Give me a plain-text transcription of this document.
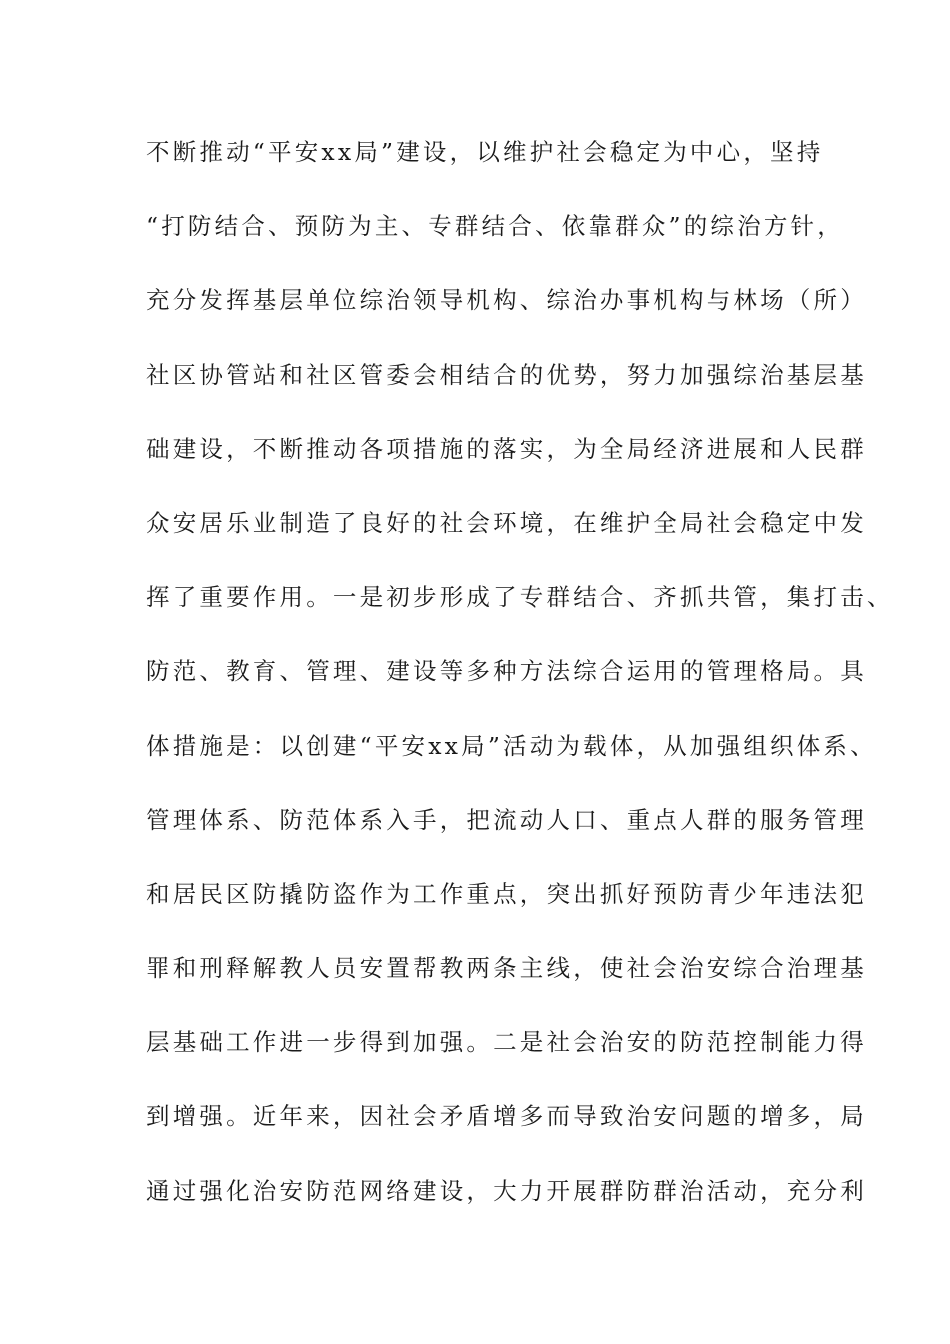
不断推动“平安xx局”建设，以维护社会稳定为中心，坚持
“打防结合、预防为主、专群结合、依靠群众”的综治方针，
充分发挥基层单位综治领导机构、综治办事机构与林场（所）
社区协管站和社区管委会相结合的优势，努力加强综治基层基
础建设，不断推动各项措施的落实，为全局经济进展和人民群
众安居乐业制造了良好的社会环境，在维护全局社会稳定中发
挥了重要作用。一是初步形成了专群结合、齐抓共管，集打击、
防范、教育、管理、建设等多种方法综合运用的管理格局。具
体措施是：以创建“平安xx局”活动为载体，从加强组织体系、
管理体系、防范体系入手，把流动人口、重点人群的服务管理
和居民区防撬防盗作为工作重点，突出抓好预防青少年违法犯
罪和刑释解教人员安置帮教两条主线，使社会治安综合治理基
层基础工作进一步得到加强。二是社会治安的防范控制能力得
到增强。近年来，因社会矛盾增多而导致治安问题的增多，局
通过强化治安防范网络建设，大力开展群防群治活动，充分利
